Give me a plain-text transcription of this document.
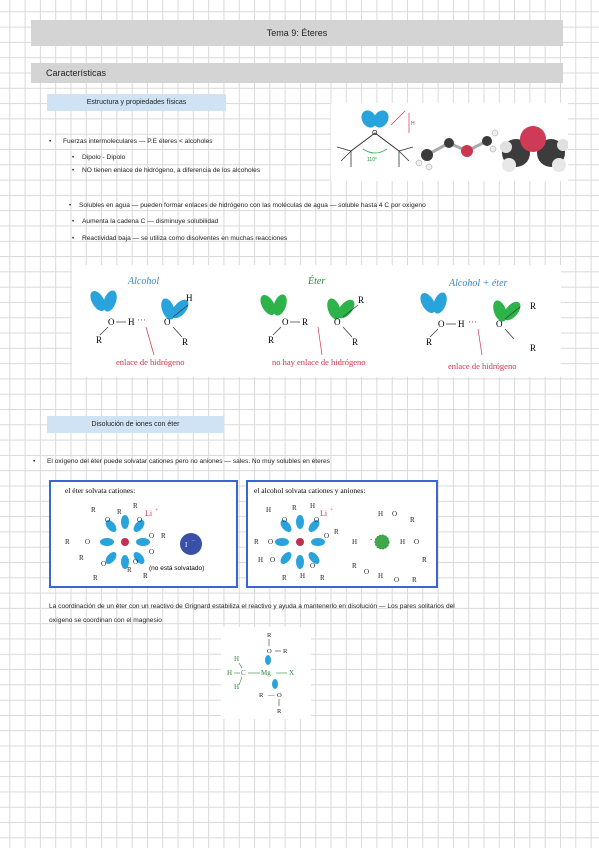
Tema 9: Éteres
Características
Estructura y propiedades físicas
• Fuerzas intermoleculares — P.E éteres < alcoholes
• Dipolo - Dipolo
• NO tienen enlace de hidrógeno, a diferencia de los alcoholes
110°
O
H
• Solubles en agua — pueden formar enlaces de hidrógeno con las moléculas de agua — soluble hasta 4 C por oxígeno
• Aumenta la cadena C — disminuye solubilidad
• Reactividad baja — se utiliza como disolventes en muchas reacciones
Alcohol
O H ··· O
R
H
R
enlace de hidrógeno
Éter
O R	O
R
R
R
no hay enlace de hidrógeno
Alcohol + éter
O H ··· O
R
R
R
enlace de hidrógeno
Disolución de iones con éter
• El oxígeno del éter puede solvatar cationes pero no aniones — sales. No muy solubles en éteres
el éter solvata cationes:
Li +
R
O
R
R
O
R O
O R
O
R
O
R
R
O
R
I −
(no está solvatado)
el alcohol solvata cationes y aniones:
Li +
H
O
R H
O
R O
O R
H O
R H
O
R
H O
R
H	H O
R
R
O H O R
·
La coordinación de un éter con un reactivo de Grignard estabiliza el reactivo y ayuda a mantenerlo en disolución — Los pares solitarios del
oxígeno se coordinan con el magnesio
R
O R
R — O
R
H
H
H
C Mg	X
